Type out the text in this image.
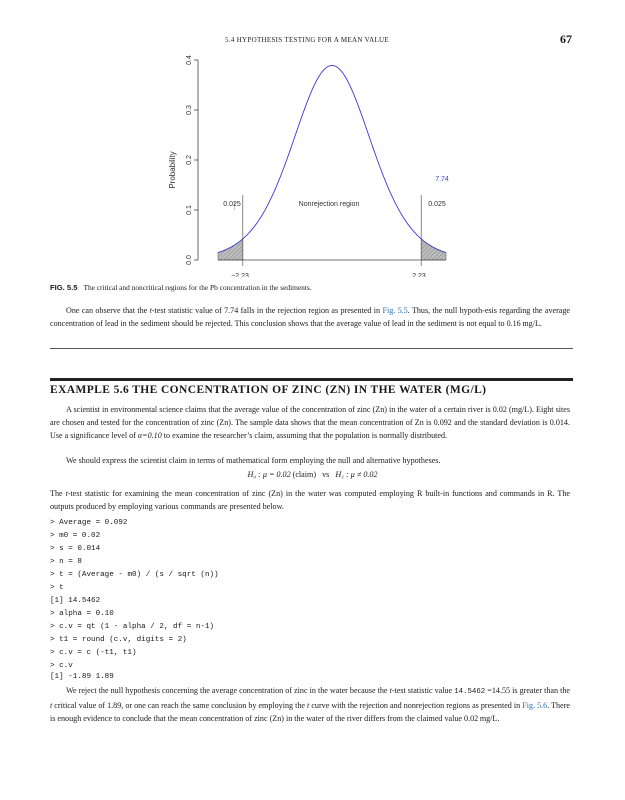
5.4 HYPOTHESIS TESTING FOR A MEAN VALUE	67
0.0
0.1
0.2
0.3
0.4
Probability
0.025	Nonrejection region	0.025
7.74
−2.23	2.23
FIG. 5.5 The critical and noncritical regions for the Pb concentration in the sediments.
One can observe that the t-test statistic value of 7.74 falls in the rejection region as presented in Fig. 5.5. Thus, the null hypoth-esis regarding the average concentration of lead in the sediment should be rejected. This conclusion shows that the average value of lead in the sediment is not equal to 0.16 mg/L.
EXAMPLE 5.6 THE CONCENTRATION OF ZINC (ZN) IN THE WATER (MG/L)
A scientist in environmental science claims that the average value of the concentration of zinc (Zn) in the water of a certain river is 0.02 (mg/L). Eight sites are chosen and tested for the concentration of zinc (Zn). The sample data shows that the mean concentration of Zn is 0.092 and the standard deviation is 0.014. Use a significance level of α=0.10 to examine the researcher’s claim, assuming that the population is normally distributed.
We should express the scientist claim in terms of mathematical form employing the null and alternative hypotheses.
H₀ : μ = 0.02 (claim) vs H₁ : μ ≠ 0.02
The t-test statistic for examining the mean concentration of zinc (Zn) in the water was computed employing R built-in functions and commands in R. The outputs produced by employing various commands are presented below.
> Average = 0.092
> m0 = 0.02
> s = 0.014
> n = 8
> t = (Average - m0) / (s / sqrt (n))
> t
[1] 14.5462
> alpha = 0.10
> c.v = qt (1 - alpha / 2, df = n-1)
> t1 = round (c.v, digits = 2)
> c.v = c (-t1, t1)
> c.v
[1] -1.89 1.89
We reject the null hypothesis concerning the average concentration of zinc in the water because the t-test statistic value 14.5462 =14.55 is greater than the t critical value of 1.89, or one can reach the same conclusion by employing the t curve with the rejection and nonrejection regions as presented in Fig. 5.6. There is enough evidence to conclude that the mean concentration of zinc (Zn) in the water of the river differs from the claimed value 0.02 mg/L.
